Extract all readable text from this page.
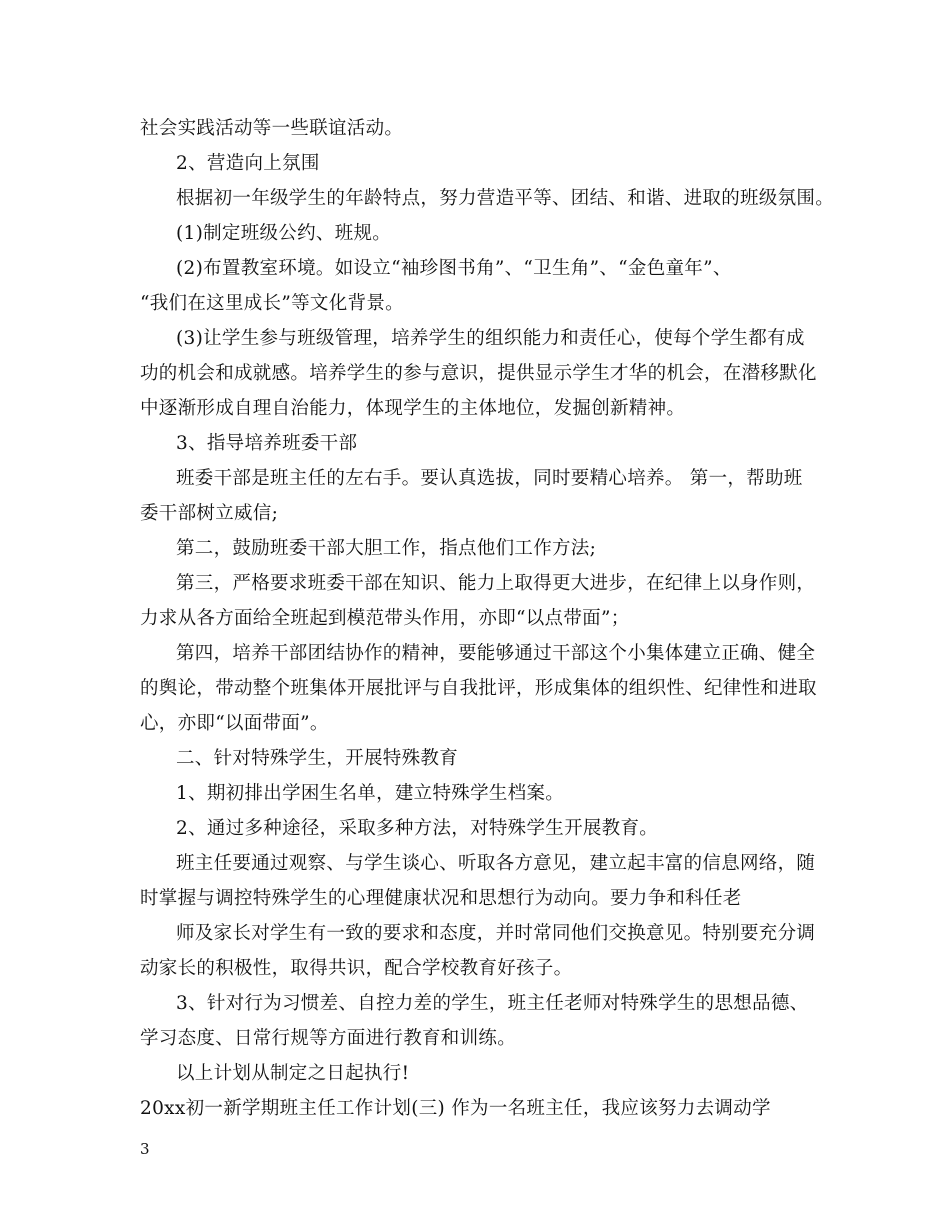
社会实践活动等一些联谊活动。
2、营造向上氛围
根据初一年级学生的年龄特点，努力营造平等、团结、和谐、进取的班级氛围。
(1)制定班级公约、班规。
(2)布置教室环境。如设立“袖珍图书角”、“卫生角”、“金色童年”、
“我们在这里成长”等文化背景。
(3)让学生参与班级管理，培养学生的组织能力和责任心，使每个学生都有成
功的机会和成就感。培养学生的参与意识，提供显示学生才华的机会，在潜移默化
中逐渐形成自理自治能力，体现学生的主体地位，发掘创新精神。
3、指导培养班委干部
班委干部是班主任的左右手。要认真选拔，同时要精心培养。 第一，帮助班
委干部树立威信;
第二，鼓励班委干部大胆工作，指点他们工作方法;
第三，严格要求班委干部在知识、能力上取得更大进步，在纪律上以身作则，
力求从各方面给全班起到模范带头作用，亦即“以点带面”；
第四，培养干部团结协作的精神，要能够通过干部这个小集体建立正确、健全
的舆论，带动整个班集体开展批评与自我批评，形成集体的组织性、纪律性和进取
心，亦即“以面带面”。
二、针对特殊学生，开展特殊教育
1、期初排出学困生名单，建立特殊学生档案。
2、通过多种途径，采取多种方法，对特殊学生开展教育。
班主任要通过观察、与学生谈心、听取各方意见，建立起丰富的信息网络，随
时掌握与调控特殊学生的心理健康状况和思想行为动向。要力争和科任老
师及家长对学生有一致的要求和态度，并时常同他们交换意见。特别要充分调
动家长的积极性，取得共识，配合学校教育好孩子。
3、针对行为习惯差、自控力差的学生，班主任老师对特殊学生的思想品德、
学习态度、日常行规等方面进行教育和训练。
以上计划从制定之日起执行!
20xx初一新学期班主任工作计划(三) 作为一名班主任，我应该努力去调动学
3
